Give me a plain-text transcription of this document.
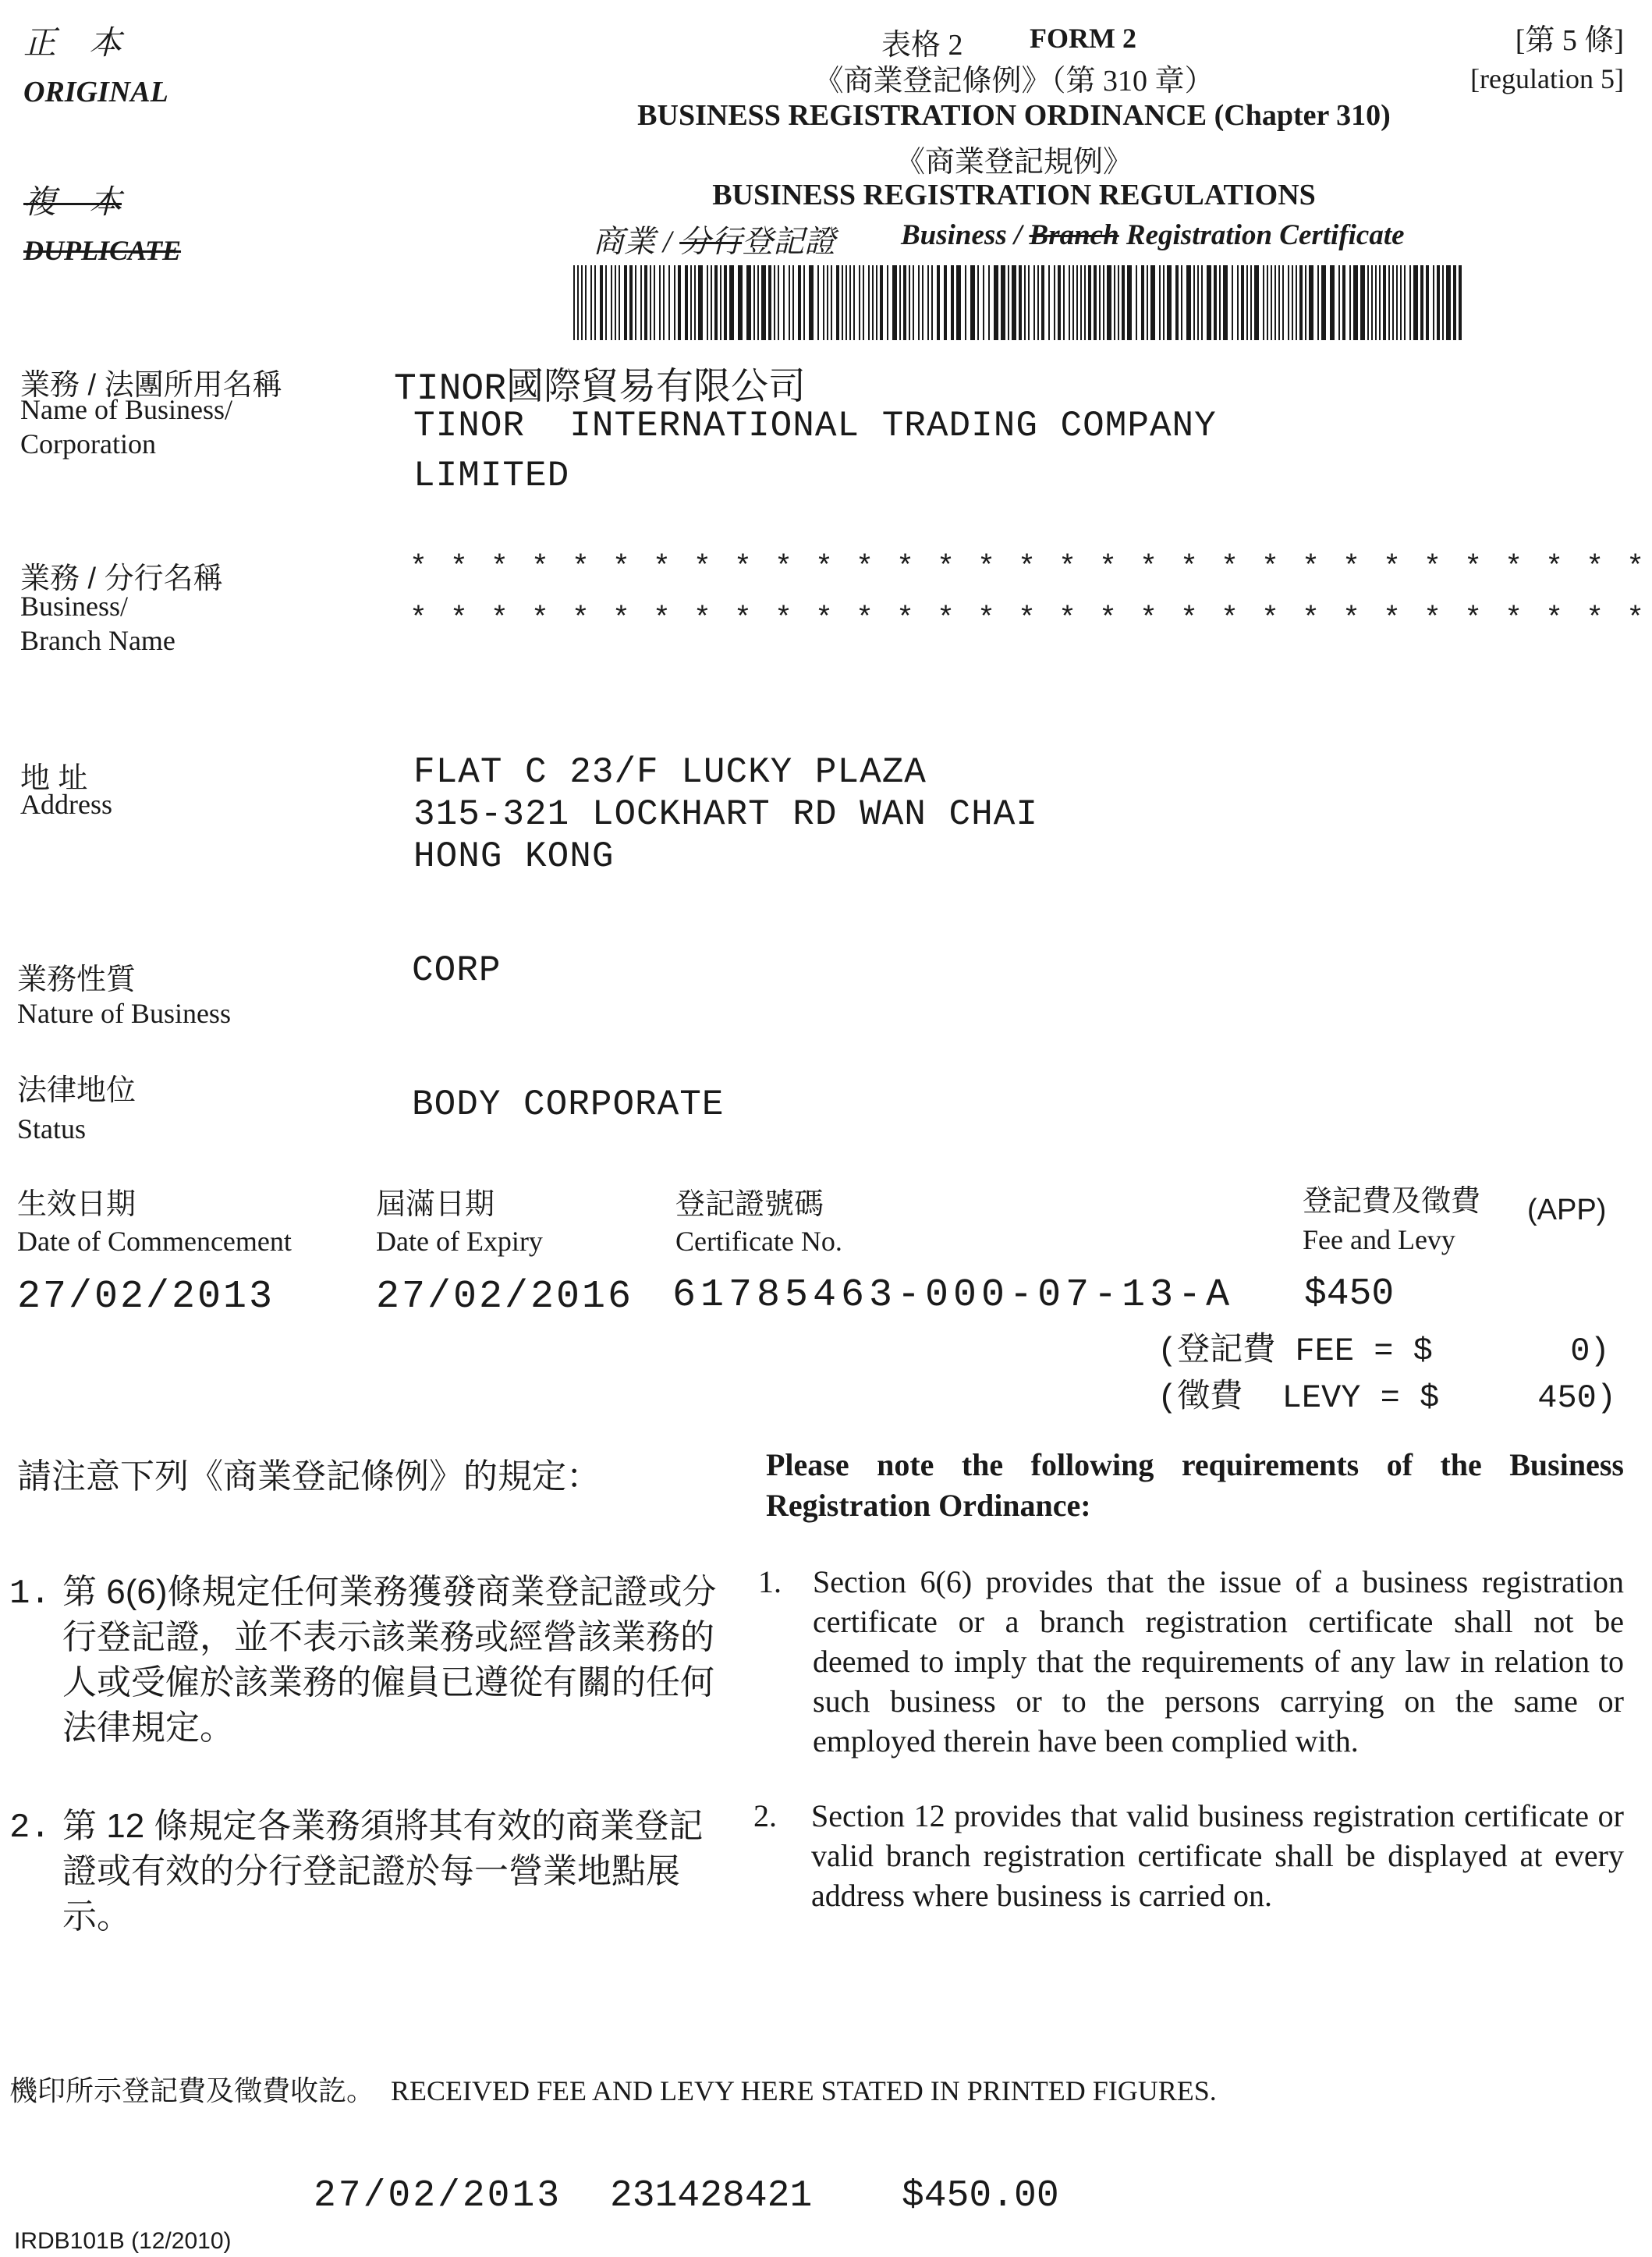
正　本
ORIGINAL
複　本
DUPLICATE
表格 2 FORM 2	[第 5 條]
[regulation 5]
《商業登記條例》（第 310 章）
BUSINESS REGISTRATION ORDINANCE (Chapter 310)
《商業登記規例》
BUSINESS REGISTRATION REGULATIONS
商業 / 分行登記證 Business / Branch Registration Certificate
業務 / 法團所用名稱
Name of Business/
Corporation
TINOR國際貿易有限公司
TINOR  INTERNATIONAL TRADING COMPANY
LIMITED
業務 / 分行名稱
Business/
Branch Name
* * * * * * * * * * * * * * * * * * * * * * * * * * * * * * *
* * * * * * * * * * * * * * * * * * * * * * * * * * * * * * *
地 址
Address
FLAT C 23/F LUCKY PLAZA
315-321 LOCKHART RD WAN CHAI
HONG KONG
業務性質
Nature of Business
CORP
法律地位
Status
BODY CORPORATE
生效日期
Date of Commencement
27/02/2013
屆滿日期
Date of Expiry
27/02/2016
登記證號碼
Certificate No.
61785463-000-07-13-A
登記費及徵費
Fee and Levy
(APP)
$450
(登記費 FEE = $       0)
(徵費  LEVY = $     450)
請注意下列《商業登記條例》的規定：	Please note the following requirements of the Business Registration Ordinance:
1. 第 6(6)條規定任何業務獲發商業登記證或分行登記證，並不表示該業務或經營該業務的人或受僱於該業務的僱員已遵從有關的任何法律規定。
1. Section 6(6) provides that the issue of a business registration certificate or a branch registration certificate shall not be deemed to imply that the requirements of any law in relation to such business or to the persons carrying on the same or employed therein have been complied with.
2. 第 12 條規定各業務須將其有效的商業登記證或有效的分行登記證於每一營業地點展示。
2. Section 12 provides that valid business registration certificate or valid branch registration certificate shall be displayed at every address where business is carried on.
機印所示登記費及徵費收訖。 RECEIVED FEE AND LEVY HERE STATED IN PRINTED FIGURES.
27/02/2013 231428421 $450.00
IRDB101B (12/2010)
